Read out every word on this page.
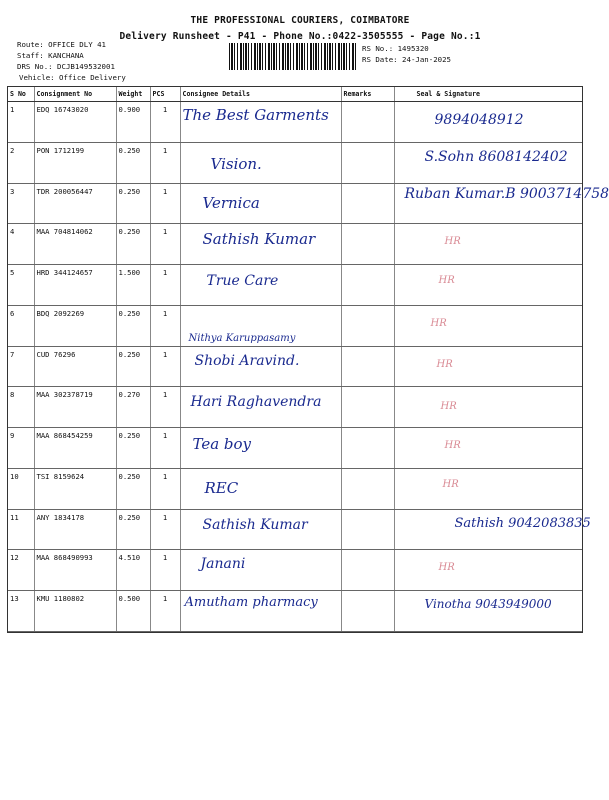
THE PROFESSIONAL COURIERS, COIMBATORE
Delivery Runsheet - P41 - Phone No.:0422-3505555 - Page No.:1
Route: OFFICE DLY 41
Staff: KANCHANA
DRS No.: DCJB149532001
Vehicle: Office Delivery
RS No.: 1495320
RS Date: 24-Jan-2025
S No	Consignment No	Weight	PCS	Consignee Details	Remarks	Seal & Signature
1	EDQ 16743020	0.900	1	The Best Garments		9894048912

2	PON 1712199	0.250	1	Vision.		S.Sohn 8608142402

3	TDR 200056447	0.250	1	Vernica		Ruban Kumar.B 9003714758

4	MAA 704814062	0.250	1	Sathish Kumar		HR

5	HRD 344124657	1.500	1	True Care		HR

6	BDQ 2092269	0.250	1	Nithya Karuppasamy		HR

7	CUD 76296	0.250	1	Shobi Aravind.		HR

8	MAA 302378719	0.270	1	Hari Raghavendra		HR

9	MAA 868454259	0.250	1	Tea boy		HR

10	TSI 8159624	0.250	1	REC		HR

11	ANY 1834178	0.250	1	Sathish Kumar		Sathish 9042083835

12	MAA 868490993	4.510	1	Janani		HR

13	KMU 1180802	0.500	1	Amutham pharmacy		Vinotha 9043949000
